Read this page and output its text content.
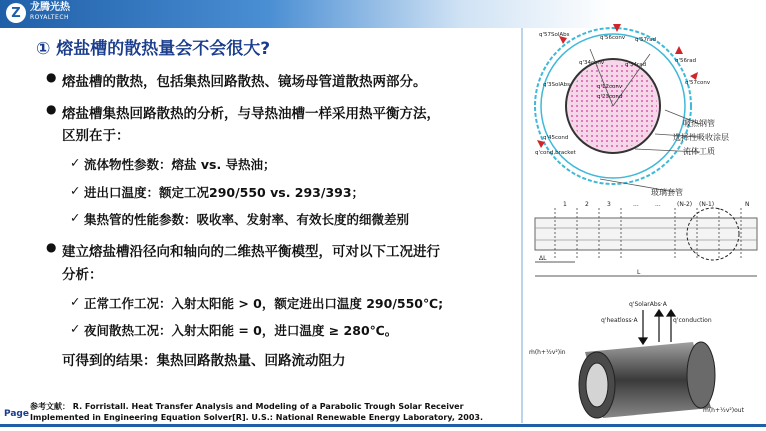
Z 龙腾光热
ROYALTECH
① 熔盐槽的散热量会不会很大?
● 熔盐槽的散热，包括集热回路散热、镜场母管道散热两部分。
● 熔盐槽集热回路散热的分析，与导热油槽一样采用热平衡方法，
区别在于：
✓ 流体物性参数：熔盐 vs. 导热油；
✓ 进出口温度：额定工况290/550 vs. 293/393；
✓ 集热管的性能参数：吸收率、发射率、有效长度的细微差别
● 建立熔盐槽沿径向和轴向的二维热平衡模型，可对以下工况进行
分析：
✓ 正常工作工况：入射太阳能 > 0，额定进出口温度 290/550℃;
✓ 夜间散热工况：入射太阳能 = 0，进口温度 ≥ 280℃。
可得到的结果：集热回路散热量、回路流动阻力
参考文献： R. Forristall. Heat Transfer Analysis and Modeling of a Parabolic Trough Solar Receiver Implemented in Engineering Equation Solver[R]. U.S.: National Renewable Energy Laboratory, 2003.
Page
q'57SolAbs	q'56conv q'57rad
q'56rad
q'57conv
q'34conv	q'34rad
q'3SolAbs	q'12conv
q'23cond
q'45cond
q'cond,bracket
吸热钢管
选择性吸收涂层
流体工质
玻璃套管
1	2	3	...	...	(N-2) (N-1)	N
ΔL
L
q'SolarAbs·A
q'heatloss·A	q'conduction
ṁ(h+½v²)in
ṁ(h+½v²)out
